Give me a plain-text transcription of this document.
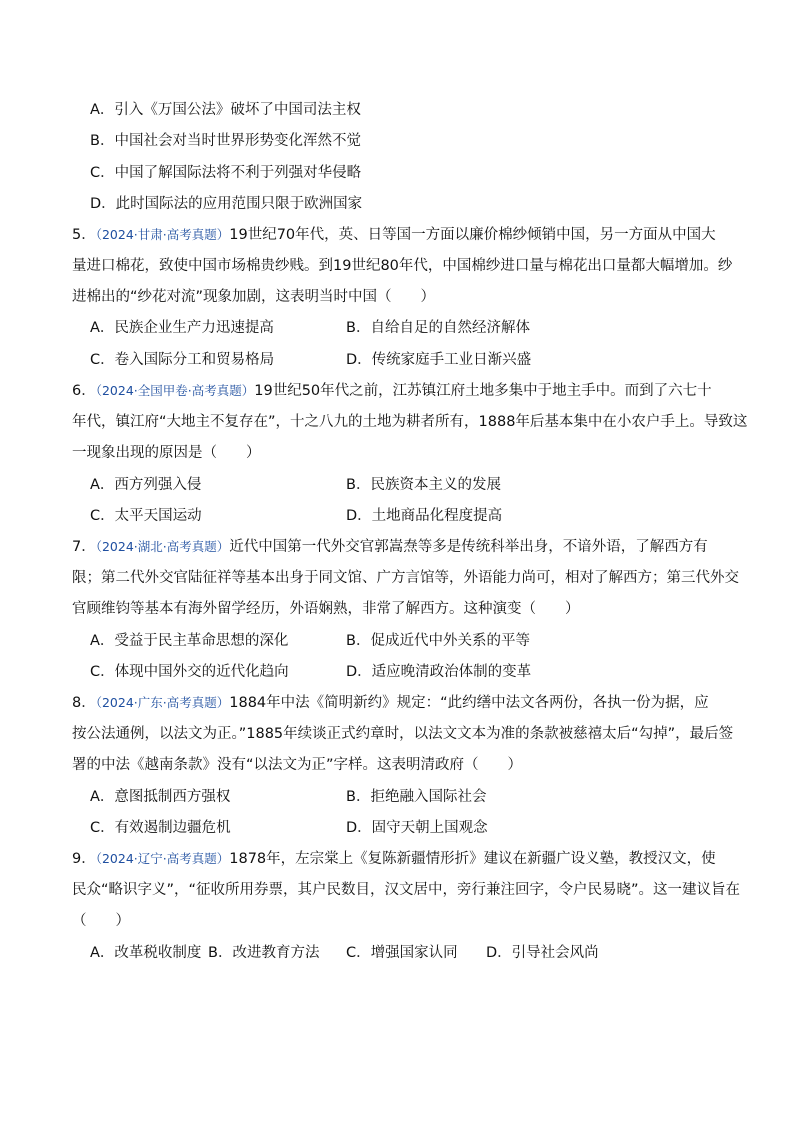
A．引入《万国公法》破坏了中国司法主权
B．中国社会对当时世界形势变化浑然不觉
C．中国了解国际法将不利于列强对华侵略
D．此时国际法的应用范围只限于欧洲国家
5．（2024·甘肃·高考真题）19世纪70年代，英、日等国一方面以廉价棉纱倾销中国，另一方面从中国大
量进口棉花，致使中国市场棉贵纱贱。到19世纪80年代，中国棉纱进口量与棉花出口量都大幅增加。纱
进棉出的“纱花对流”现象加剧，这表明当时中国（　　）
A．民族企业生产力迅速提高	B．自给自足的自然经济解体
C．卷入国际分工和贸易格局	D．传统家庭手工业日渐兴盛
6．（2024·全国甲卷·高考真题）19世纪50年代之前，江苏镇江府土地多集中于地主手中。而到了六七十
年代，镇江府“大地主不复存在”，十之八九的土地为耕者所有，1888年后基本集中在小农户手上。导致这
一现象出现的原因是（　　）
A．西方列强入侵	B．民族资本主义的发展
C．太平天国运动	D．土地商品化程度提高
7．（2024·湖北·高考真题）近代中国第一代外交官郭嵩焘等多是传统科举出身，不谙外语，了解西方有
限；第二代外交官陆征祥等基本出身于同文馆、广方言馆等，外语能力尚可，相对了解西方；第三代外交
官顾维钧等基本有海外留学经历，外语娴熟，非常了解西方。这种演变（　　）
A．受益于民主革命思想的深化	B．促成近代中外关系的平等
C．体现中国外交的近代化趋向	D．适应晚清政治体制的变革
8．（2024·广东·高考真题）1884年中法《简明新约》规定：“此约缮中法文各两份，各执一份为据，应
按公法通例，以法文为正。”1885年续谈正式约章时，以法文文本为准的条款被慈禧太后“勾掉”，最后签
署的中法《越南条款》没有“以法文为正”字样。这表明清政府（　　）
A．意图抵制西方强权	B．拒绝融入国际社会
C．有效遏制边疆危机	D．固守天朝上国观念
9．（2024·辽宁·高考真题）1878年，左宗棠上《复陈新疆情形折》建议在新疆广设义塾，教授汉文，使
民众“略识字义”，“征收所用券票，其户民数目，汉文居中，旁行兼注回字，令户民易晓”。这一建议旨在
（　　）
A．改革税收制度 B．改进教育方法 C．增强国家认同 D．引导社会风尚
